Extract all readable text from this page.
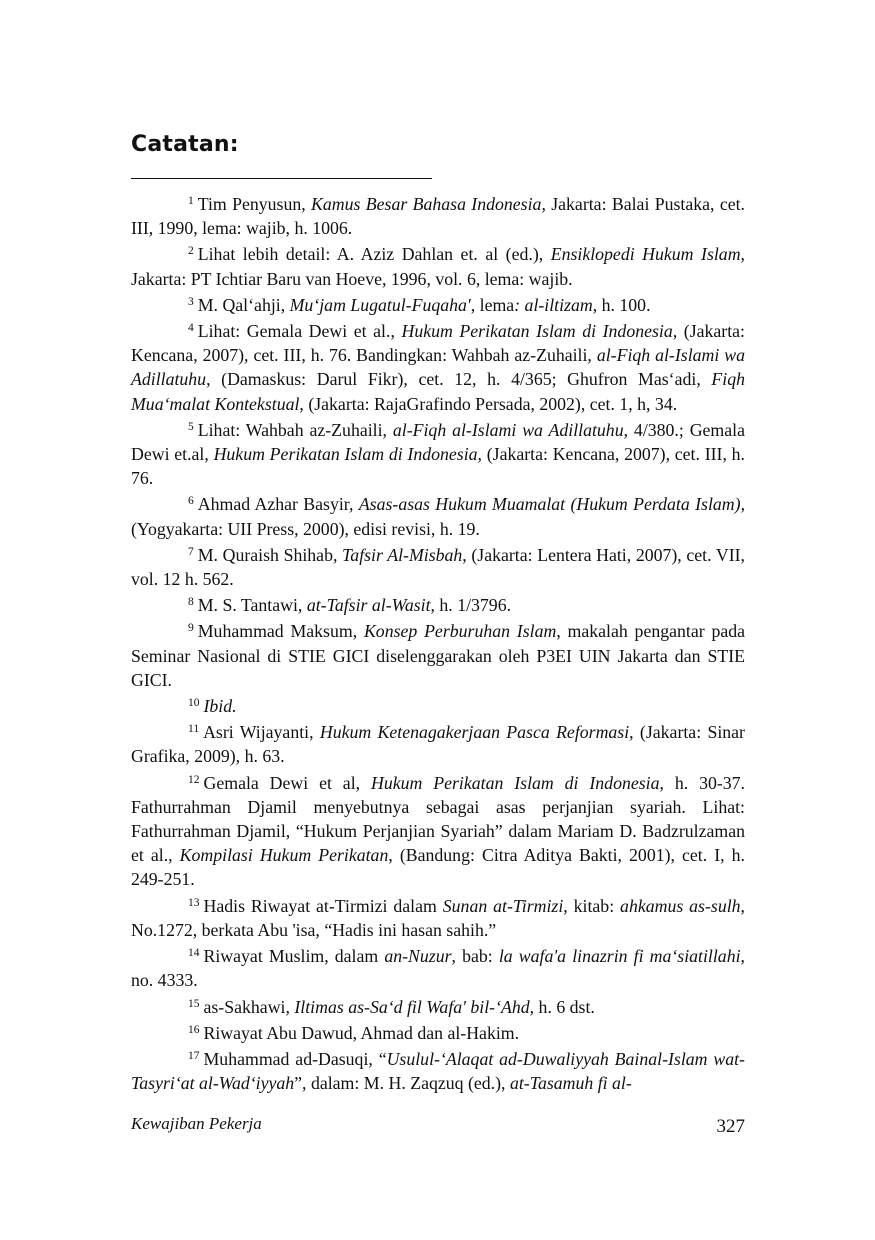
Catatan:

$^1$ Tim Penyusun, Kamus Besar Bahasa Indonesia, Jakarta: Balai Pustaka, cet. III, 1990, lema: wajib, h. 1006.

$^2$ Lihat lebih detail: A. Aziz Dahlan et. al (ed.), Ensiklopedi Hukum Islam, Jakarta: PT Ichtiar Baru van Hoeve, 1996, vol. 6, lema: wajib.

$^3$ M. Qal‘ahji, Mu‘jam Lugatul-Fuqaha', lema: al-iltizam, h. 100.

$^4$ Lihat: Gemala Dewi et al., Hukum Perikatan Islam di Indonesia, (Jakarta: Kencana, 2007), cet. III, h. 76. Bandingkan: Wahbah az-Zuhaili, al-Fiqh al-Islami wa Adillatuhu, (Damaskus: Darul Fikr), cet. 12, h. 4/365; Ghufron Mas‘adi, Fiqh Mua‘malat Kontekstual, (Jakarta: RajaGrafindo Persada, 2002), cet. 1, h, 34.

$^5$ Lihat: Wahbah az-Zuhaili, al-Fiqh al-Islami wa Adillatuhu, 4/380.; Gemala Dewi et.al, Hukum Perikatan Islam di Indonesia, (Jakarta: Kencana, 2007), cet. III, h. 76.

$^6$ Ahmad Azhar Basyir, Asas-asas Hukum Muamalat (Hukum Perdata Islam), (Yogyakarta: UII Press, 2000), edisi revisi, h. 19.

$^7$ M. Quraish Shihab, Tafsir Al-Misbah, (Jakarta: Lentera Hati, 2007), cet. VII, vol. 12 h. 562.

$^8$ M. S. Tantawi, at-Tafsir al-Wasit, h. 1/3796.

$^9$ Muhammad Maksum, Konsep Perburuhan Islam, makalah pengantar pada Seminar Nasional di STIE GICI diselenggarakan oleh P3EI UIN Jakarta dan STIE GICI.

$^{10}$ Ibid.

$^{11}$ Asri Wijayanti, Hukum Ketenagakerjaan Pasca Reformasi, (Jakarta: Sinar Grafika, 2009), h. 63.

$^{12}$ Gemala Dewi et al, Hukum Perikatan Islam di Indonesia, h. 30-37. Fathurrahman Djamil menyebutnya sebagai asas perjanjian syariah. Lihat: Fathurrahman Djamil, “Hukum Perjanjian Syariah” dalam Mariam D. Badzrulzaman et al., Kompilasi Hukum Perikatan, (Bandung: Citra Aditya Bakti, 2001), cet. I, h. 249-251.

$^{13}$ Hadis Riwayat at-Tirmizi dalam Sunan at-Tirmizi, kitab: ahkamus as-sulh, No.1272, berkata Abu 'isa, “Hadis ini hasan sahih.”

$^{14}$ Riwayat Muslim, dalam an-Nuzur, bab: la wafa'a linazrin fi ma‘siatillahi, no. 4333.

$^{15}$ as-Sakhawi, Iltimas as-Sa‘d fil Wafa' bil-‘Ahd, h. 6 dst.

$^{16}$ Riwayat Abu Dawud, Ahmad dan al-Hakim.

$^{17}$ Muhammad ad-Dasuqi, “Usulul-‘Alaqat ad-Duwaliyyah Bainal-Islam wat-Tasyri‘at al-Wad‘iyyah”, dalam: M. H. Zaqzuq (ed.), at-Tasamuh fi al-

Kewajiban Pekerja	327
